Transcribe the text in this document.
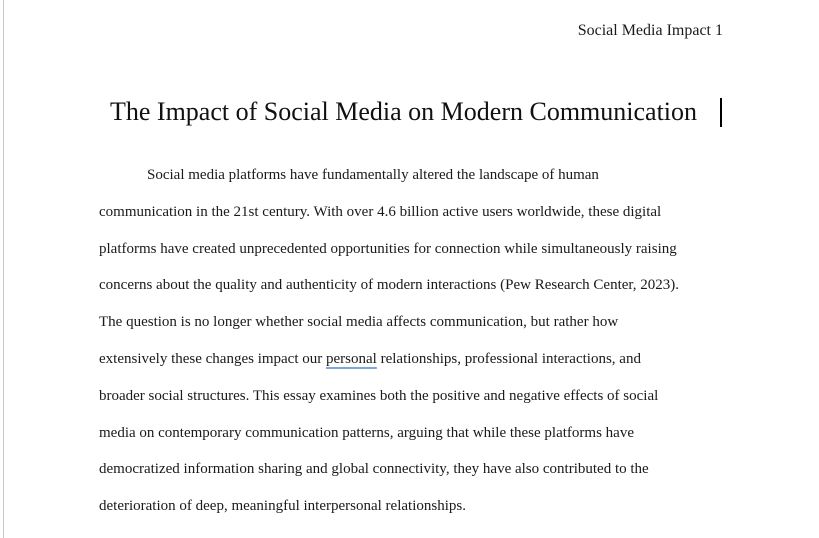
Social Media Impact 1
The Impact of Social Media on Modern Communication
Social media platforms have fundamentally altered the landscape of human
communication in the 21st century. With over 4.6 billion active users worldwide, these digital
platforms have created unprecedented opportunities for connection while simultaneously raising
concerns about the quality and authenticity of modern interactions (Pew Research Center, 2023).
The question is no longer whether social media affects communication, but rather how
extensively these changes impact our personal relationships, professional interactions, and
broader social structures. This essay examines both the positive and negative effects of social
media on contemporary communication patterns, arguing that while these platforms have
democratized information sharing and global connectivity, they have also contributed to the
deterioration of deep, meaningful interpersonal relationships.
